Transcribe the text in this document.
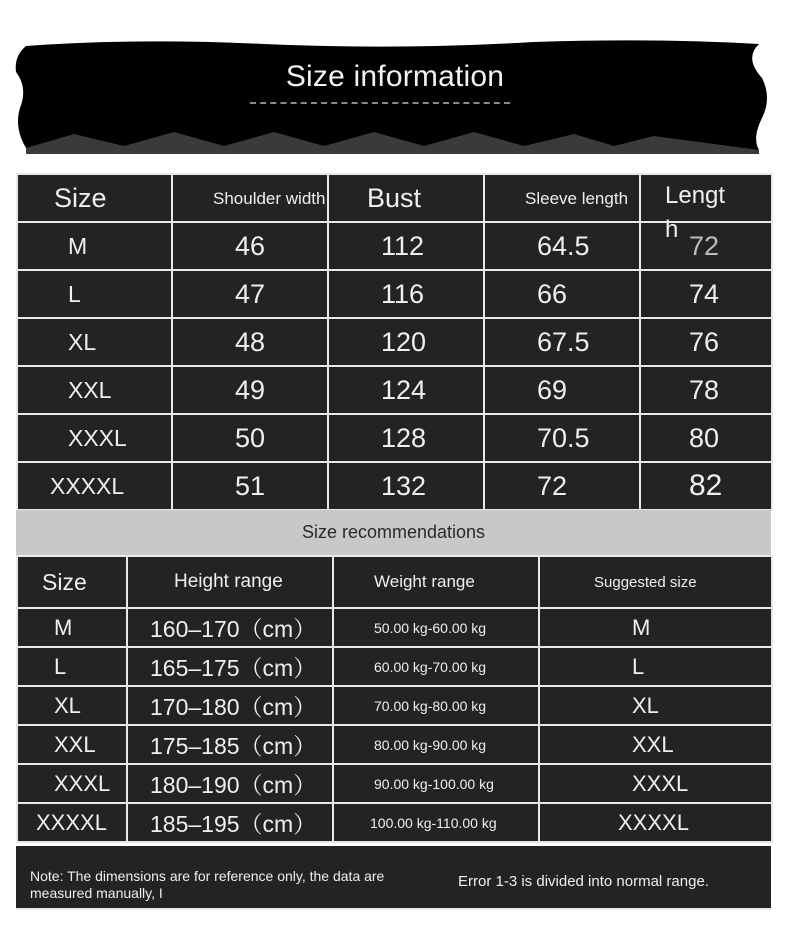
Size information
Size	Shoulder width	Bust	Sleeve length	Length

M	46	112	64.5	72
L	47	116	66	74
XL	48	120	67.5	76
XXL	49	124	69	78
XXXL	50	128	70.5	80
XXXXL	51	132	72	82
Size recommendations
Size	Height range	Weight range	Suggested size
M	160–170（cm）	50.00 kg-60.00 kg	M
L	165–175（cm）	60.00 kg-70.00 kg	L
XL	170–180（cm）	70.00 kg-80.00 kg	XL
XXL	175–185（cm）	80.00 kg-90.00 kg	XXL
XXXL	180–190（cm）	90.00 kg-100.00 kg	XXXL
XXXXL	185–195（cm）	100.00 kg-110.00 kg	XXXXL
Note: The dimensions are for reference only, the data are measured manually, I
Error 1-3 is divided into normal range.
